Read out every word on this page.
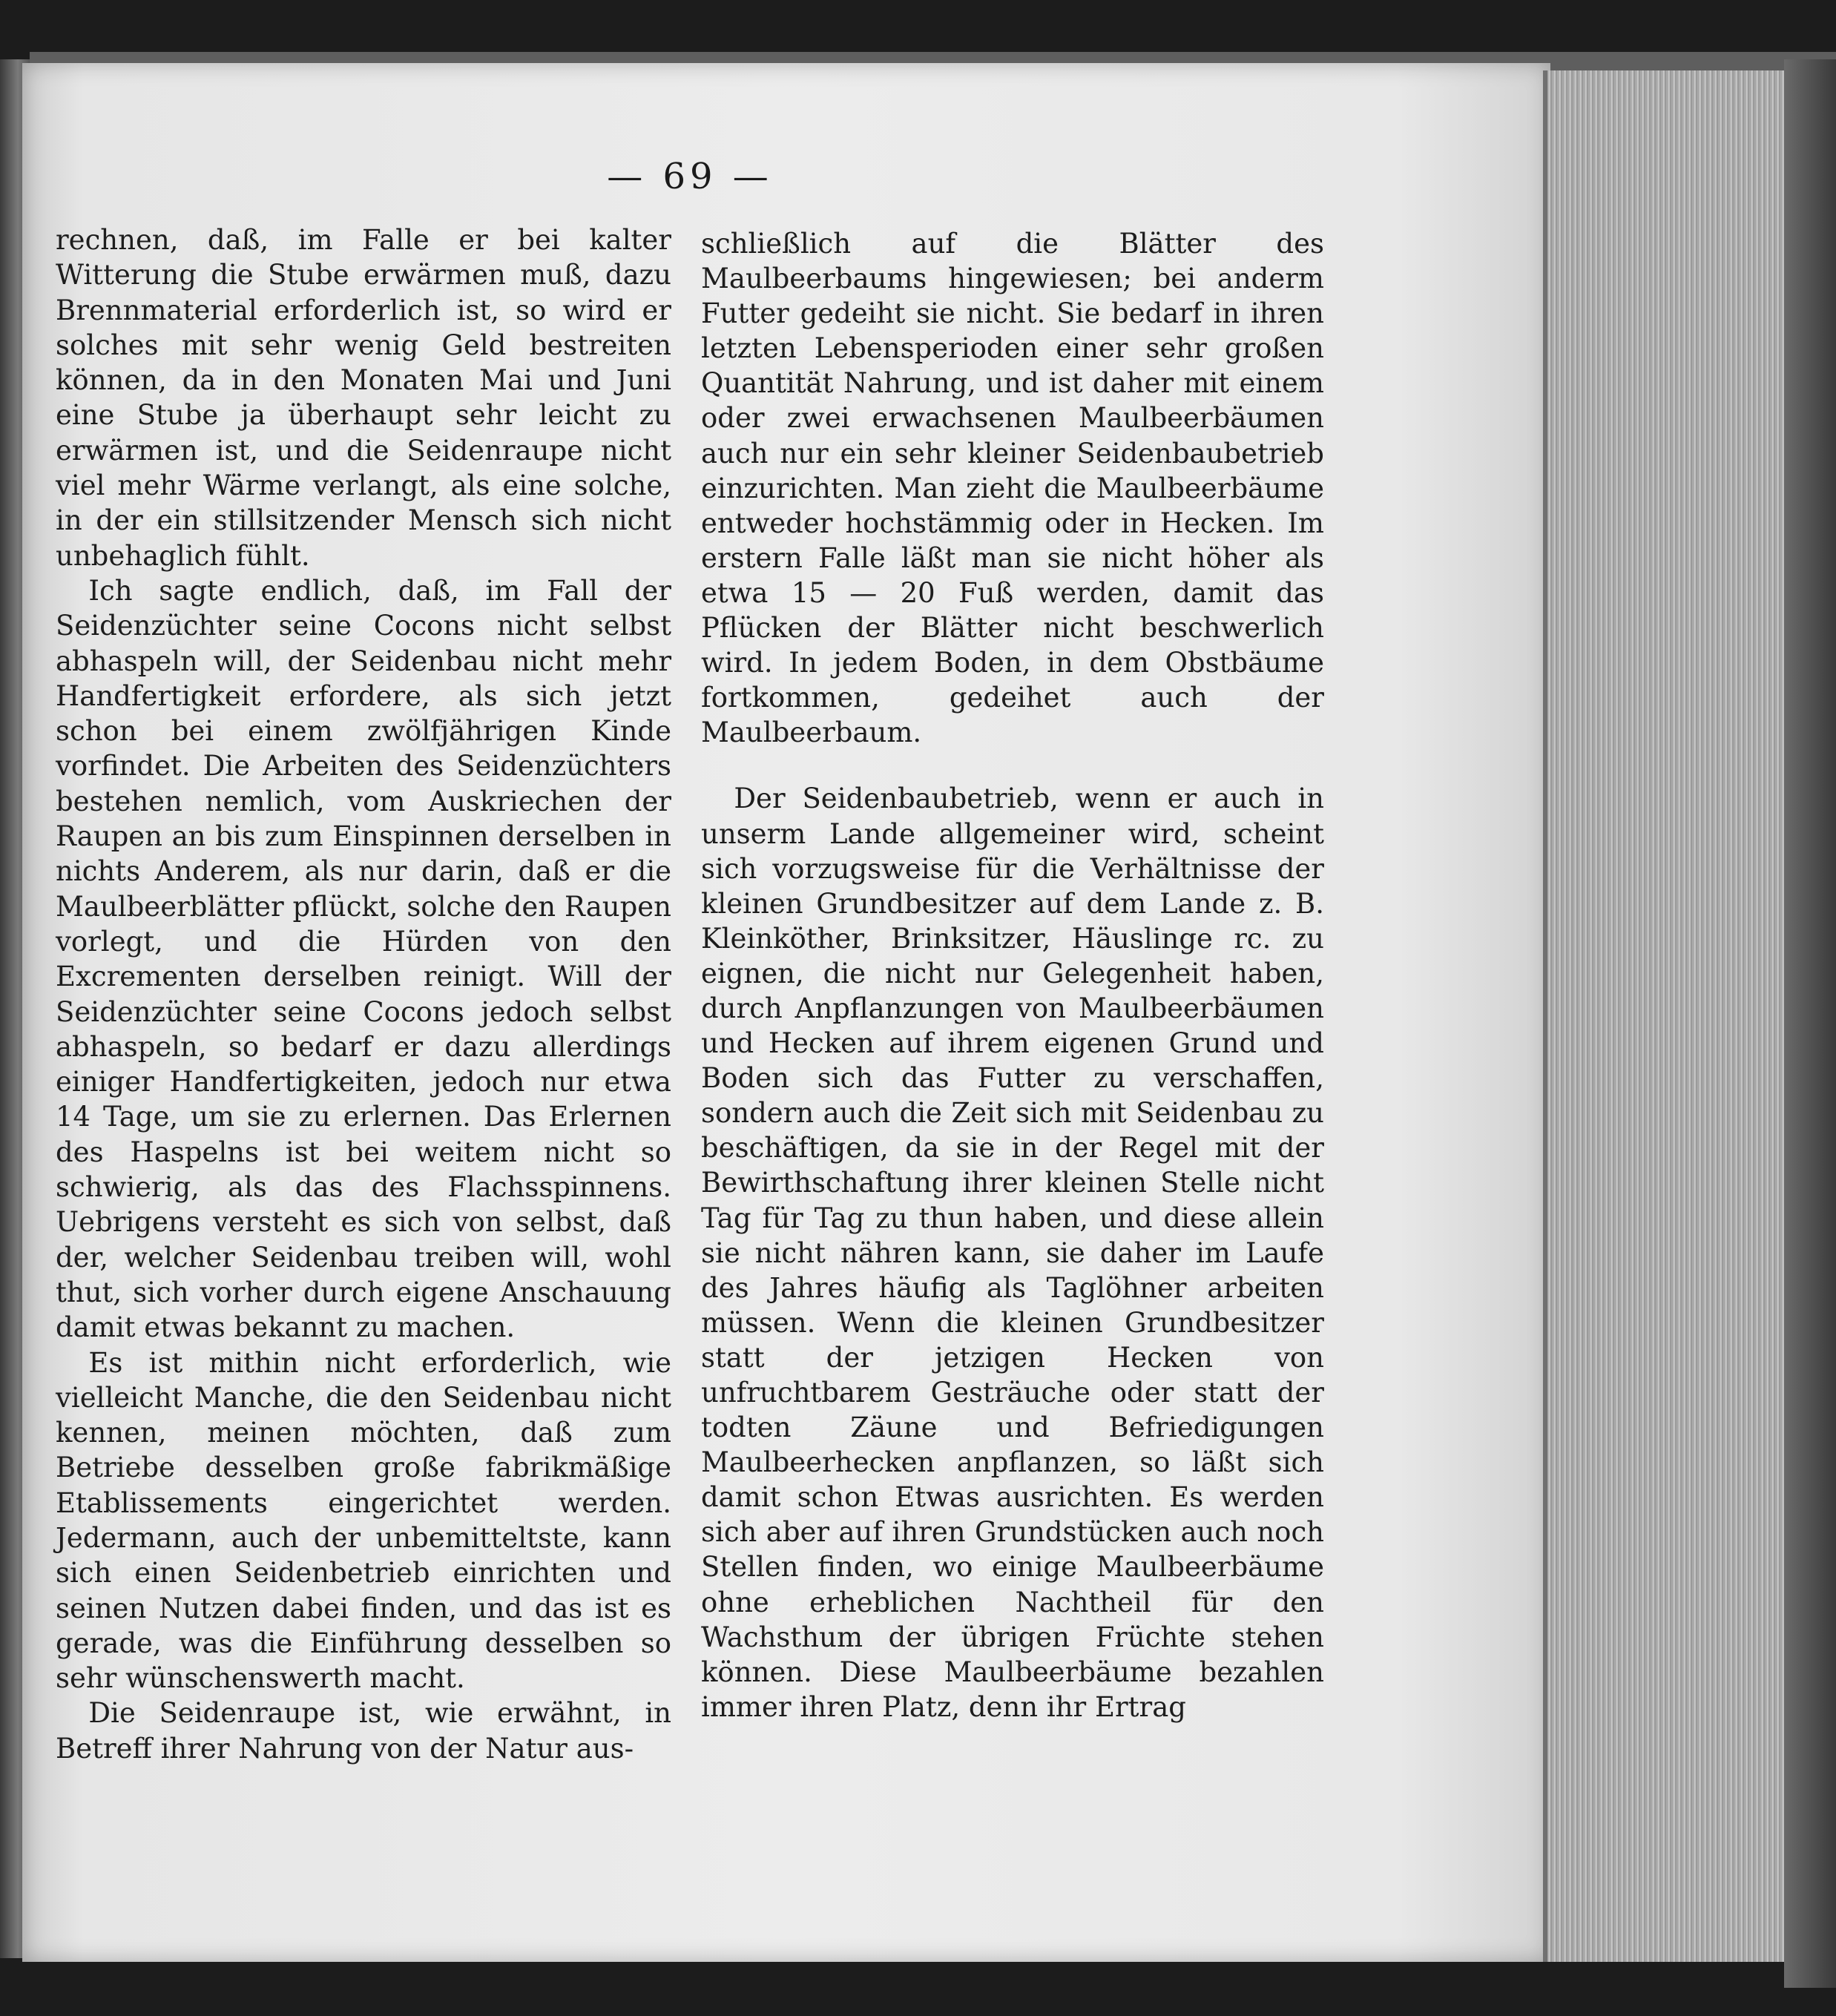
— 69 —

rechnen, daß, im Falle er bei kalter Witterung die Stube erwärmen muß, dazu Brennmaterial erforderlich ist, so wird er solches mit sehr wenig Geld bestreiten können, da in den Monaten Mai und Juni eine Stube ja überhaupt sehr leicht zu erwärmen ist, und die Seidenraupe nicht viel mehr Wärme verlangt, als eine solche, in der ein stillsitzender Mensch sich nicht unbehaglich fühlt.

Ich sagte endlich, daß, im Fall der Seidenzüchter seine Cocons nicht selbst abhaspeln will, der Seidenbau nicht mehr Handfertigkeit erfordere, als sich jetzt schon bei einem zwölfjährigen Kinde vorfindet. Die Arbeiten des Seidenzüchters bestehen nemlich, vom Auskriechen der Raupen an bis zum Einspinnen derselben in nichts Anderem, als nur darin, daß er die Maulbeerblätter pflückt, solche den Raupen vorlegt, und die Hürden von den Excrementen derselben reinigt. Will der Seidenzüchter seine Cocons jedoch selbst abhaspeln, so bedarf er dazu allerdings einiger Handfertigkeiten, jedoch nur etwa 14 Tage, um sie zu erlernen. Das Erlernen des Haspelns ist bei weitem nicht so schwierig, als das des Flachsspinnens. Uebrigens versteht es sich von selbst, daß der, welcher Seidenbau treiben will, wohl thut, sich vorher durch eigene Anschauung damit etwas bekannt zu machen.

Es ist mithin nicht erforderlich, wie vielleicht Manche, die den Seidenbau nicht kennen, meinen möchten, daß zum Betriebe desselben große fabrikmäßige Etablissements eingerichtet werden. Jedermann, auch der unbemitteltste, kann sich einen Seidenbetrieb einrichten und seinen Nutzen dabei finden, und das ist es gerade, was die Einführung desselben so sehr wünschenswerth macht.

Die Seidenraupe ist, wie erwähnt, in Betreff ihrer Nahrung von der Natur aus-

schließlich auf die Blätter des Maulbeerbaums hingewiesen; bei anderm Futter gedeiht sie nicht. Sie bedarf in ihren letzten Lebensperioden einer sehr großen Quantität Nahrung, und ist daher mit einem oder zwei erwachsenen Maulbeerbäumen auch nur ein sehr kleiner Seidenbaubetrieb einzurichten. Man zieht die Maulbeerbäume entweder hochstämmig oder in Hecken. Im erstern Falle läßt man sie nicht höher als etwa 15 — 20 Fuß werden, damit das Pflücken der Blätter nicht beschwerlich wird. In jedem Boden, in dem Obstbäume fortkommen, gedeihet auch der Maulbeerbaum.

Der Seidenbaubetrieb, wenn er auch in unserm Lande allgemeiner wird, scheint sich vorzugsweise für die Verhältnisse der kleinen Grundbesitzer auf dem Lande z. B. Kleinköther, Brinksitzer, Häuslinge rc. zu eignen, die nicht nur Gelegenheit haben, durch Anpflanzungen von Maulbeerbäumen und Hecken auf ihrem eigenen Grund und Boden sich das Futter zu verschaffen, sondern auch die Zeit sich mit Seidenbau zu beschäftigen, da sie in der Regel mit der Bewirthschaftung ihrer kleinen Stelle nicht Tag für Tag zu thun haben, und diese allein sie nicht nähren kann, sie daher im Laufe des Jahres häufig als Taglöhner arbeiten müssen. Wenn die kleinen Grundbesitzer statt der jetzigen Hecken von unfruchtbarem Gesträuche oder statt der todten Zäune und Befriedigungen Maulbeerhecken anpflanzen, so läßt sich damit schon Etwas ausrichten. Es werden sich aber auf ihren Grundstücken auch noch Stellen finden, wo einige Maulbeerbäume ohne erheblichen Nachtheil für den Wachsthum der übrigen Früchte stehen können. Diese Maulbeerbäume bezahlen immer ihren Platz, denn ihr Ertrag
